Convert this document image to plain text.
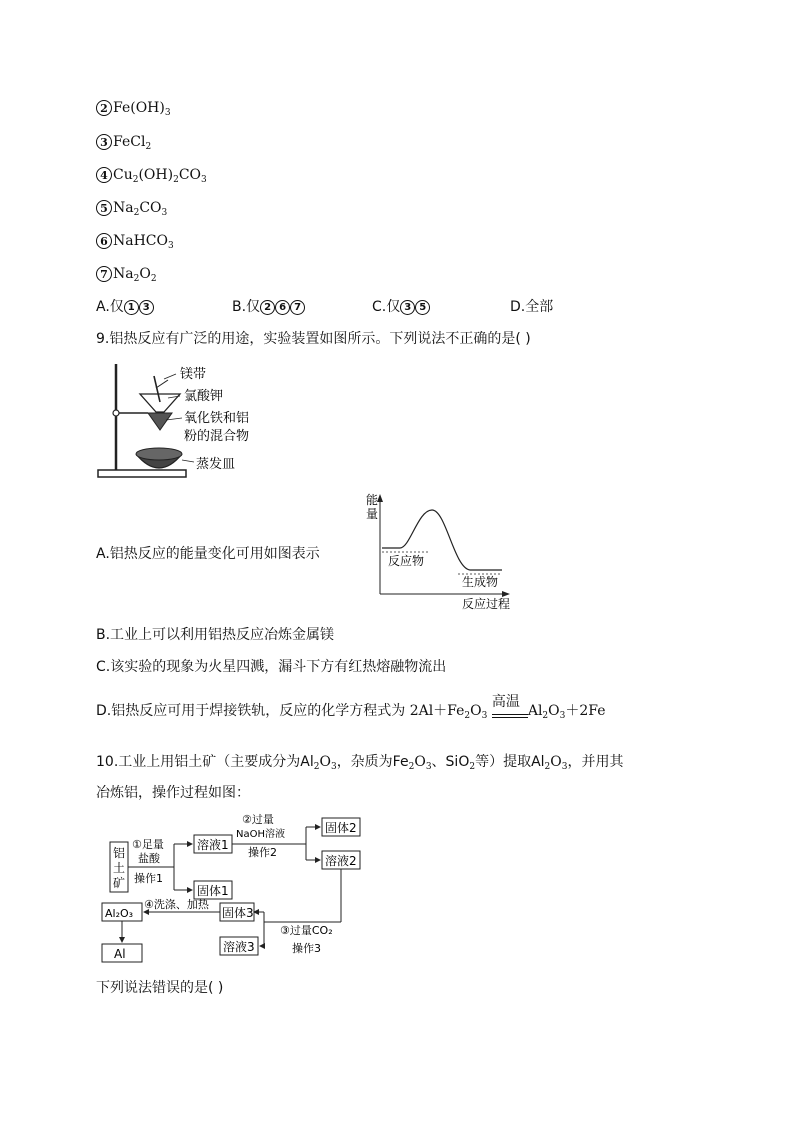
2 $Fe(OH)_3$
3 FeCl$_2$
4 $Cu_2(OH)_2CO_3$
5 $Na_2CO_3$
6 NaHCO$_3$
7 $Na_2O_2$
A.仅 1 3	B.仅 2 6 7	C.仅 3 5	D.全部
9.铝热反应有广泛的用途，实验装置如图所示。下列说法不正确的是( )
镁带
氯酸钾
氧化铁和铝
粉的混合物
蒸发皿
A.铝热反应的能量变化可用如图表示
能
量
反应物
生成物
反应过程
B.工业上可以利用铝热反应冶炼金属镁
C.该实验的现象为火星四溅，漏斗下方有红热熔融物流出
D.铝热反应可用于焊接铁轨，反应的化学方程式为 $2Al+Fe_2O_3$
高温
$Al_2O_3+2Fe$
10.工业上用铝土矿（主要成分为$Al_2O_3$，杂质为$Fe_2O_3$、SiO$_2$等）提取$Al_2O_3$，并用其
冶炼铝，操作过程如图：
铝
土
矿
①足量
盐酸
操作1
溶液1
固体1
②过量
NaOH溶液
操作2
固体2
溶液2
③过量CO₂
操作3
固体3
溶液3
④洗涤、加热
Al₂O₃
Al
下列说法错误的是( )
